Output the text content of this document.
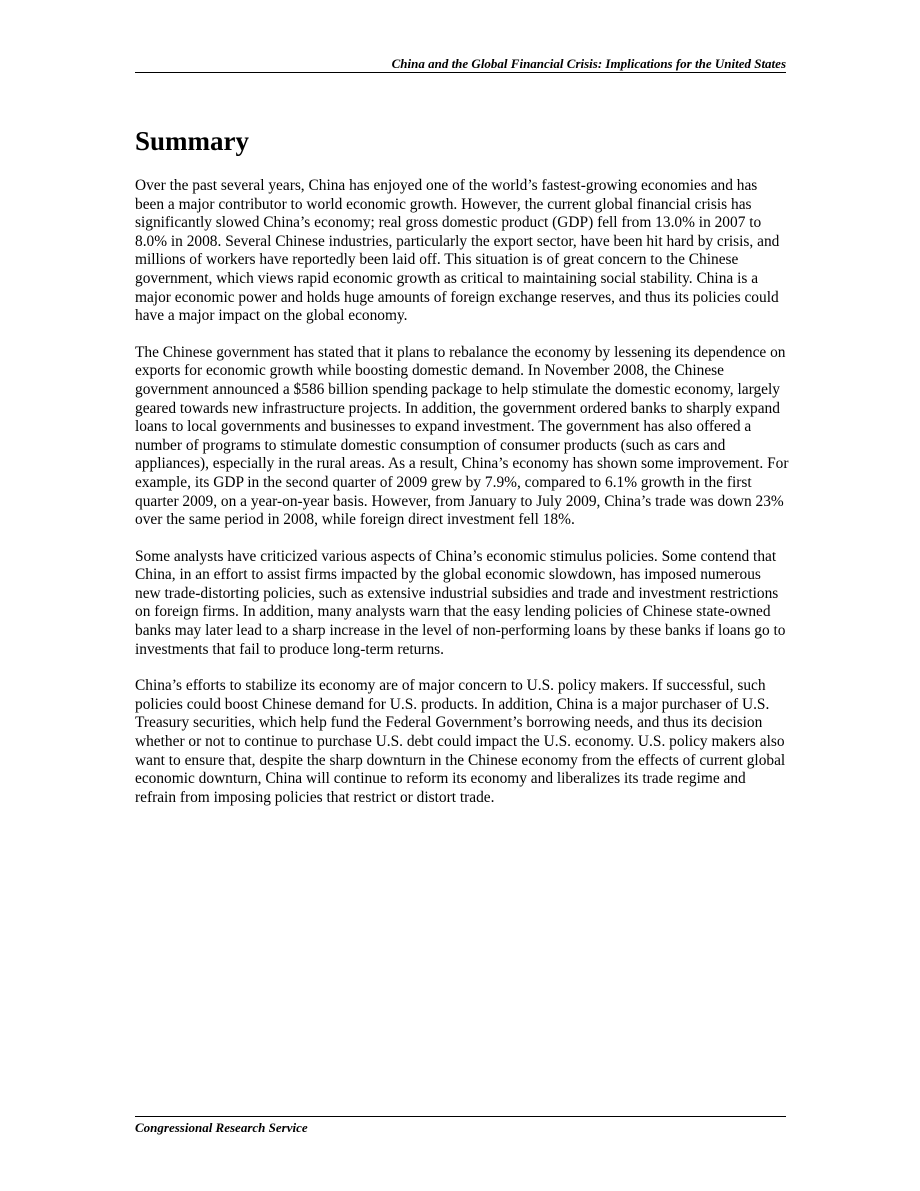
China and the Global Financial Crisis: Implications for the United States
Summary

Over the past several years, China has enjoyed one of the world’s fastest-growing economies and has been a major contributor to world economic growth. However, the current global financial crisis has significantly slowed China’s economy; real gross domestic product (GDP) fell from 13.0% in 2007 to 8.0% in 2008. Several Chinese industries, particularly the export sector, have been hit hard by crisis, and millions of workers have reportedly been laid off. This situation is of great concern to the Chinese government, which views rapid economic growth as critical to maintaining social stability. China is a major economic power and holds huge amounts of foreign exchange reserves, and thus its policies could have a major impact on the global economy.

The Chinese government has stated that it plans to rebalance the economy by lessening its dependence on exports for economic growth while boosting domestic demand. In November 2008, the Chinese government announced a $586 billion spending package to help stimulate the domestic economy, largely geared towards new infrastructure projects. In addition, the government ordered banks to sharply expand loans to local governments and businesses to expand investment. The government has also offered a number of programs to stimulate domestic consumption of consumer products (such as cars and appliances), especially in the rural areas. As a result, China’s economy has shown some improvement. For example, its GDP in the second quarter of 2009 grew by 7.9%, compared to 6.1% growth in the first quarter 2009, on a year-on-year basis. However, from January to July 2009, China’s trade was down 23% over the same period in 2008, while foreign direct investment fell 18%.

Some analysts have criticized various aspects of China’s economic stimulus policies. Some contend that China, in an effort to assist firms impacted by the global economic slowdown, has imposed numerous new trade-distorting policies, such as extensive industrial subsidies and trade and investment restrictions on foreign firms. In addition, many analysts warn that the easy lending policies of Chinese state-owned banks may later lead to a sharp increase in the level of non-performing loans by these banks if loans go to investments that fail to produce long-term returns.

China’s efforts to stabilize its economy are of major concern to U.S. policy makers. If successful, such policies could boost Chinese demand for U.S. products. In addition, China is a major purchaser of U.S. Treasury securities, which help fund the Federal Government’s borrowing needs, and thus its decision whether or not to continue to purchase U.S. debt could impact the U.S. economy. U.S. policy makers also want to ensure that, despite the sharp downturn in the Chinese economy from the effects of current global economic downturn, China will continue to reform its economy and liberalizes its trade regime and refrain from imposing policies that restrict or distort trade.

Congressional Research Service
